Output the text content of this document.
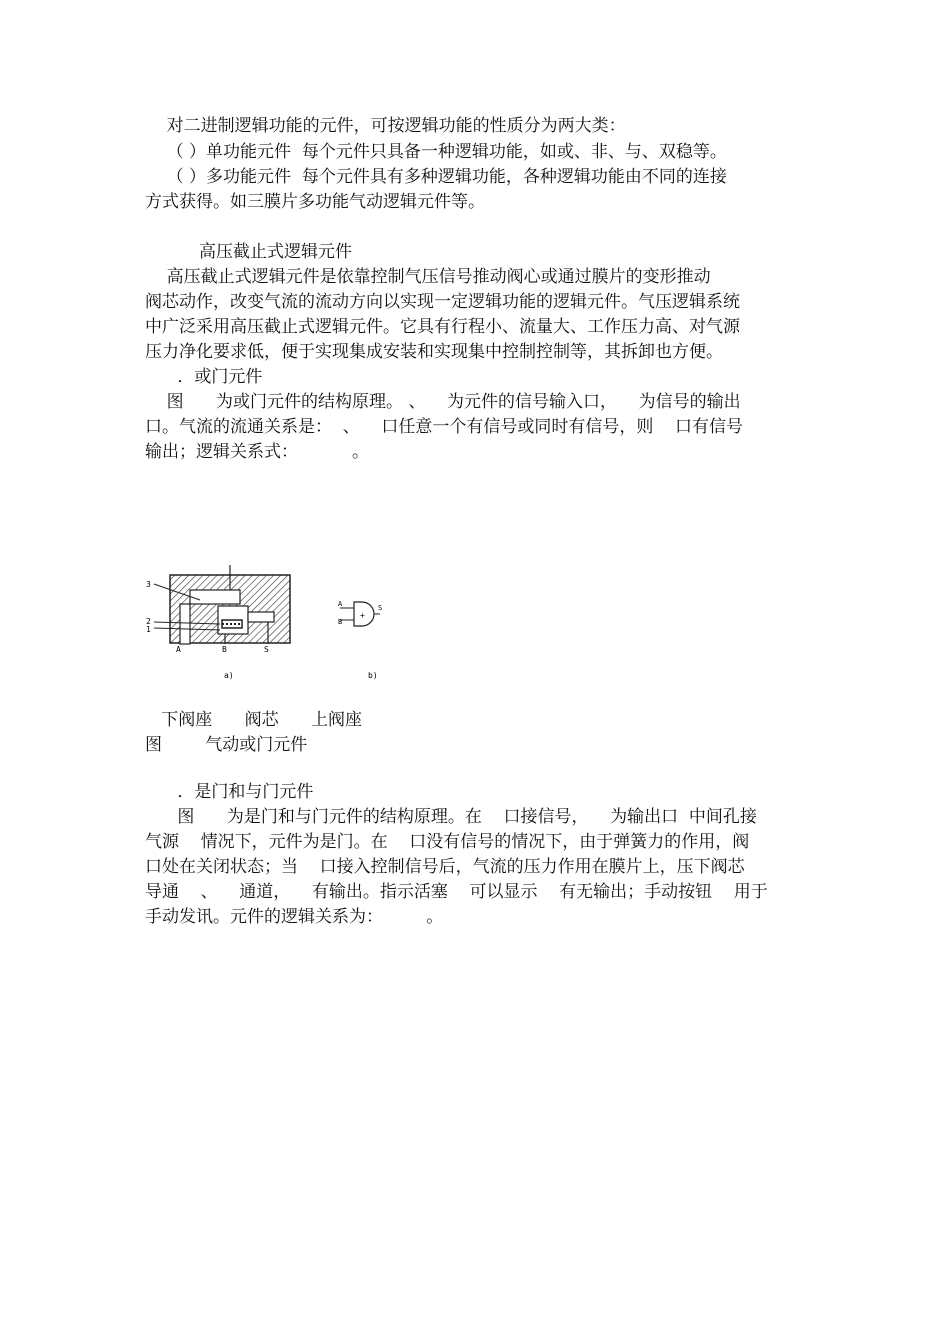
对二进制逻辑功能的元件，可按逻辑功能的性质分为两大类：
（ ）单功能元件  每个元件只具备一种逻辑功能，如或、非、与、双稳等。
（ ）多功能元件  每个元件具有多种逻辑功能，各种逻辑功能由不同的连接
方式获得。如三膜片多功能气动逻辑元件等。
高压截止式逻辑元件
高压截止式逻辑元件是依靠控制气压信号推动阀心或通过膜片的变形推动
阀芯动作，改变气流的流动方向以实现一定逻辑功能的逻辑元件。气压逻辑系统
中广泛采用高压截止式逻辑元件。它具有行程小、流量大、工作压力高、对气源
压力净化要求低，便于实现集成安装和实现集中控制控制等，其拆卸也方便。
．或门元件
图      为或门元件的结构原理。 、    为元件的信号输入口，    为信号的输出
口。气流的流通关系是：  、    口任意一个有信号或同时有信号，则    口有信号
输出；逻辑关系式：          。
3
2
1
A	B	S
a)
A
B
S
+
b)
下阀座      阀芯      上阀座
图        气动或门元件
．是门和与门元件
图      为是门和与门元件的结构原理。在    口接信号，    为输出口  中间孔接
气源    情况下，元件为是门。在    口没有信号的情况下，由于弹簧力的作用，阀
口处在关闭状态；当    口接入控制信号后，气流的压力作用在膜片上，压下阀芯
导通    、    通道，    有输出。指示活塞    可以显示    有无输出；手动按钮    用于
手动发讯。元件的逻辑关系为：        。
